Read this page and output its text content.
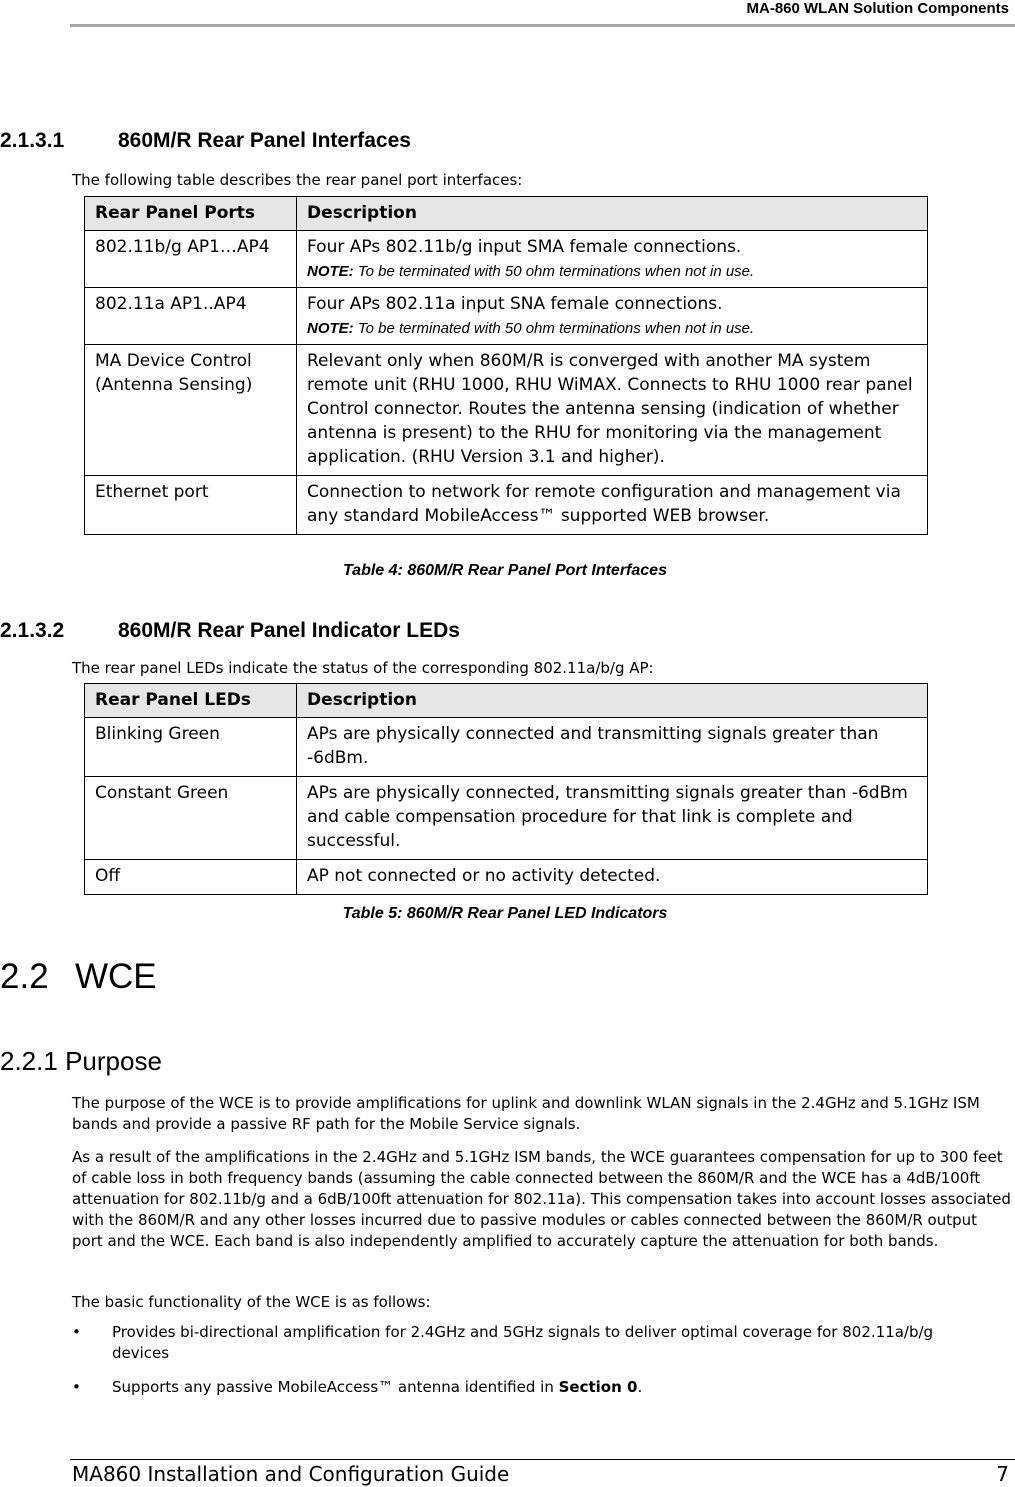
MA-860 WLAN Solution Components
2.1.3.1	860M/R Rear Panel Interfaces
The following table describes the rear panel port interfaces:
Rear Panel Ports	Description
802.11b/g AP1…AP4	Four APs 802.11b/g input SMA female connections.
NOTE: To be terminated with 50 ohm terminations when not in use.

802.11a AP1..AP4	Four APs 802.11a input SNA female connections.
NOTE: To be terminated with 50 ohm terminations when not in use.

MA Device Control (Antenna Sensing)	Relevant only when 860M/R is converged with another MA system remote unit (RHU 1000, RHU WiMAX. Connects to RHU 1000 rear panel Control connector. Routes the antenna sensing (indication of whether antenna is present) to the RHU for monitoring via the management application. (RHU Version 3.1 and higher).
Ethernet port	Connection to network for remote configuration and management via any standard MobileAccess™ supported WEB browser.
Table 4: 860M/R Rear Panel Port Interfaces
2.1.3.2	860M/R Rear Panel Indicator LEDs
The rear panel LEDs indicate the status of the corresponding 802.11a/b/g AP:
Rear Panel LEDs	Description
Blinking Green	APs are physically connected and transmitting signals greater than -6dBm.
Constant Green	APs are physically connected, transmitting signals greater than -6dBm and cable compensation procedure for that link is complete and successful.
Off	AP not connected or no activity detected.
Table 5: 860M/R Rear Panel LED Indicators
2.2 WCE
2.2.1 Purpose
The purpose of the WCE is to provide amplifications for uplink and downlink WLAN signals in the 2.4GHz and 5.1GHz ISM bands and provide a passive RF path for the Mobile Service signals.
As a result of the amplifications in the 2.4GHz and 5.1GHz ISM bands, the WCE guarantees compensation for up to 300 feet of cable loss in both frequency bands (assuming the cable connected between the 860M/R and the WCE has a 4dB/100ft attenuation for 802.11b/g and a 6dB/100ft attenuation for 802.11a). This compensation takes into account losses associated with the 860M/R and any other losses incurred due to passive modules or cables connected between the 860M/R output port and the WCE. Each band is also independently amplified to accurately capture the attenuation for both bands.
The basic functionality of the WCE is as follows:
• Provides bi-directional amplification for 2.4GHz and 5GHz signals to deliver optimal coverage for 802.11a/b/g devices
• Supports any passive MobileAccess™ antenna identified in Section 0.
MA860 Installation and Configuration Guide	7
